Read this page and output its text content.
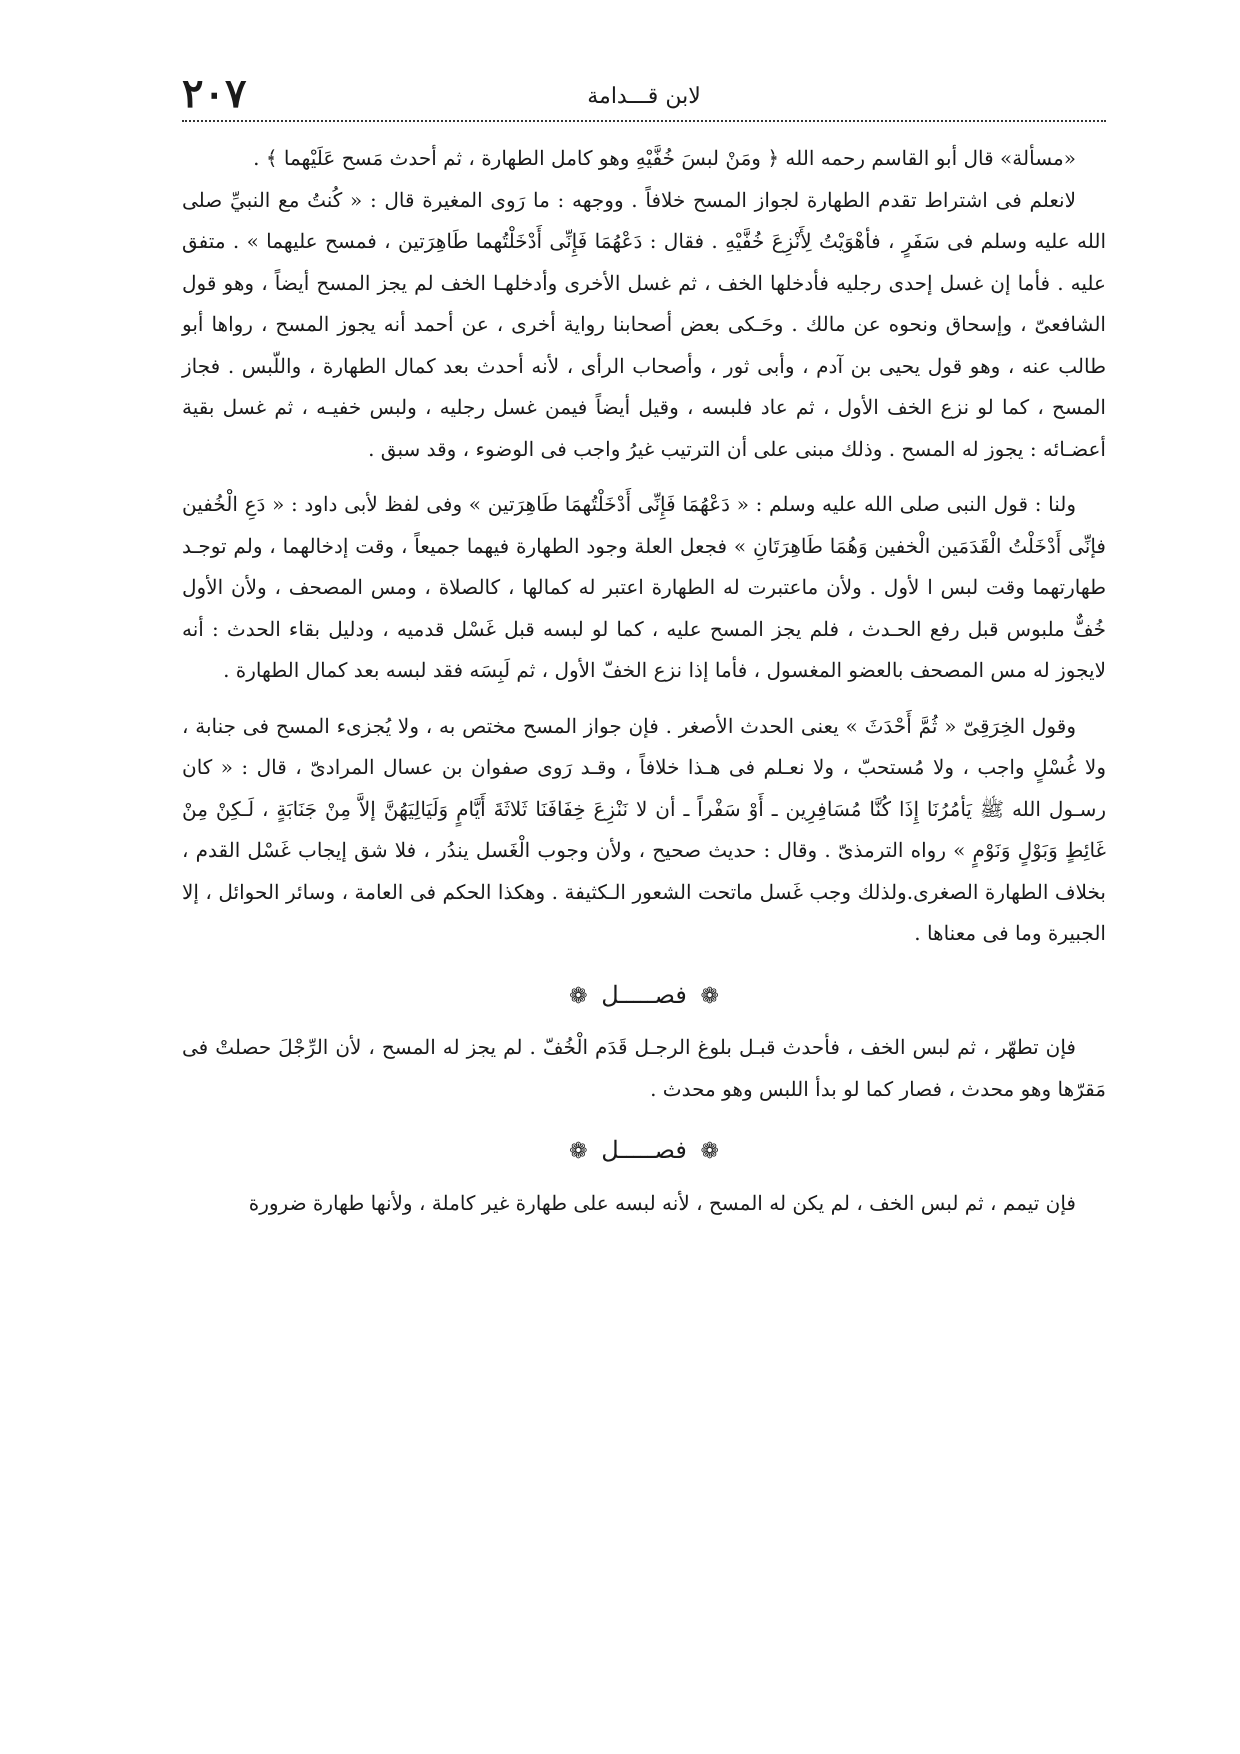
لابن قـــدامة
٢٠٧

«مسألة» قال أبو القاسم رحمه الله ﴿ ومَنْ لبسَ خُفَّيْهِ وهو كامل الطهارة ، ثم أحدث مَسح عَلَيْهما ﴾ .

لانعلم فى اشتراط تقدم الطهارة لجواز المسح خلافاً . ووجهه : ما رَوى المغيرة قال : « كُنتُ مع النبيِّ صلى الله عليه وسلم فى سَفَرٍ ، فأهْوَيْتُ لِأَنْزِعَ خُفَّيْهِ . فقال : دَعْهُمَا فَإِنِّى أَدْخَلْتُهما طَاهِرَتين ، فمسح عليهما » . متفق عليه . فأما إن غسل إحدى رجليه فأدخلها الخف ، ثم غسل الأخرى وأدخلهـا الخف لم يجز المسح أيضاً ، وهو قول الشافعىّ ، وإسحاق ونحوه عن مالك . وحَـكى بعض أصحابنا رواية أخرى ، عن أحمد أنه يجوز المسح ، رواها أبو طالب عنه ، وهو قول يحيى بن آدم ، وأبى ثور ، وأصحاب الرأى ، لأنه أحدث بعد كمال الطهارة ، واللّبس . فجاز المسح ، كما لو نزع الخف الأول ، ثم عاد فلبسه ، وقيل أيضاً فيمن غسل رجليه ، ولبس خفيـه ، ثم غسل بقية أعضـائه : يجوز له المسح . وذلك مبنى على أن الترتيب غيرُ واجب فى الوضوء ، وقد سبق .

ولنا : قول النبى صلى الله عليه وسلم : « دَعْهُمَا فَإِنِّى أَدْخَلْتُهمَا طَاهِرَتين » وفى لفظ لأبى داود : « دَعِ الْخُفين فإنِّى أَدْخَلْتُ الْقَدَمَين الْخفين وَهُمَا طَاهِرَتَانِ » فجعل العلة وجود الطهارة فيهما جميعاً ، وقت إدخالهما ، ولم توجـد طهارتهما وقت لبس ا لأول . ولأن ماعتبرت له الطهارة اعتبر له كمالها ، كالصلاة ، ومس المصحف ، ولأن الأول خُفٌّ ملبوس قبل رفع الحـدث ، فلم يجز المسح عليه ، كما لو لبسه قبل غَسْل قدميه ، ودليل بقاء الحدث : أنه لايجوز له مس المصحف بالعضو المغسول ، فأما إذا نزع الخفّ الأول ، ثم لَبِسَه فقد لبسه بعد كمال الطهارة .

وقول الخِرَقِىّ « ثُمَّ أَحْدَثَ » يعنى الحدث الأصغر . فإن جواز المسح مختص به ، ولا يُجزىء المسح فى جنابة ، ولا غُسْلٍ واجب ، ولا مُستحبّ ، ولا نعـلم فى هـذا خلافاً ، وقـد رَوى صفوان بن عسال المرادىّ ، قال : « كان رسـول الله ﷺ يَأمُرُنَا إِذَا كُنَّا مُسَافِرِين ـ أَوْ سَفْراً ـ أن لا نَنْزِعَ خِفَافَنَا ثَلاثَةَ أَيَّامٍ وَلَيَالِيَهُنَّ إلاَّ مِنْ جَنَابَةٍ ، لَـكِنْ مِنْ غَائِطٍ وَبَوْلٍ وَنَوْمٍ » رواه الترمذىّ . وقال : حديث صحيح ، ولأن وجوب الْغَسل يندُر ، فلا شق إيجاب غَسْل القدم ، بخلاف الطهارة الصغرى.ولذلك وجب غَسل ماتحت الشعور الـكثيفة . وهكذا الحكم فى العامة ، وسائر الحوائل ، إلا الجبيرة وما فى معناها .

❁ فصـــــل ❁

فإن تطهّر ، ثم لبس الخف ، فأحدث قبـل بلوغ الرجـل قَدَم الْخُفّ . لم يجز له المسح ، لأن الرِّجْلَ حصلتْ فى مَقرّها وهو محدث ، فصار كما لو بدأ اللبس وهو محدث .

❁ فصـــــل ❁

فإن تيمم ، ثم لبس الخف ، لم يكن له المسح ، لأنه لبسه على طهارة غير كاملة ، ولأنها طهارة ضرورة
